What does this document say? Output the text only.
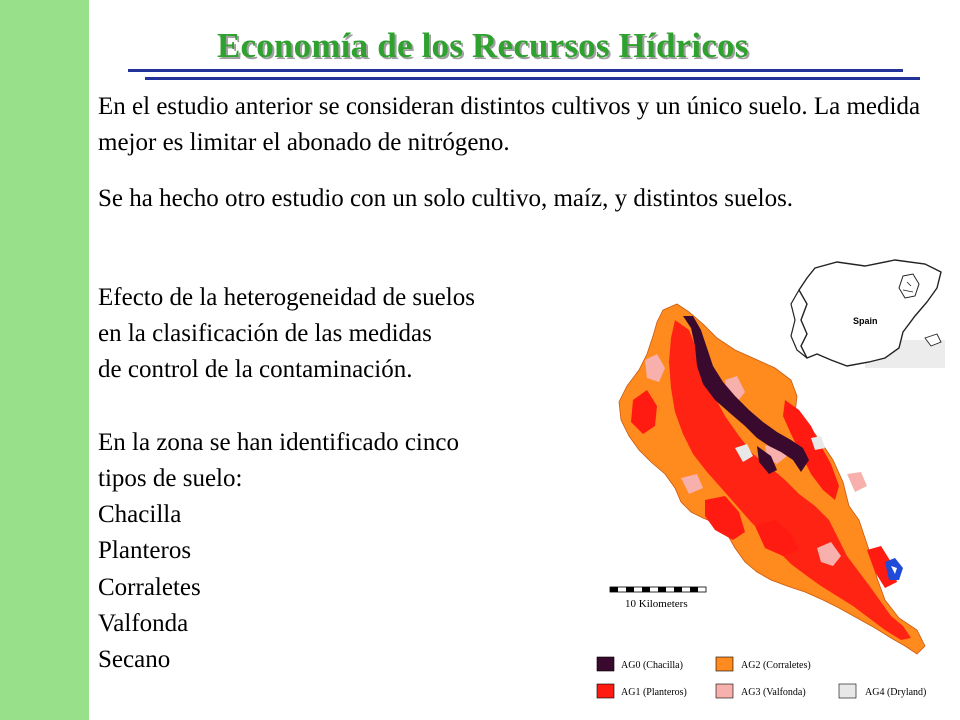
Economía de los Recursos Hídricos
En el estudio anterior se consideran distintos cultivos y un único suelo. La medida mejor es limitar el abonado de nitrógeno.
Se ha hecho otro estudio con un solo cultivo, maíz, y distintos suelos.
Efecto de la heterogeneidad de suelos
en la clasificación de las medidas
de control de la contaminación.

En la zona se han identificado cinco
tipos de suelo:
Chacilla
Planteros
Corraletes
Valfonda
Secano
Spain
10 Kilometers
AG0 (Chacilla)
AG1 (Planteros)
AG2 (Corraletes)
AG3 (Valfonda)	AG4 (Dryland)
